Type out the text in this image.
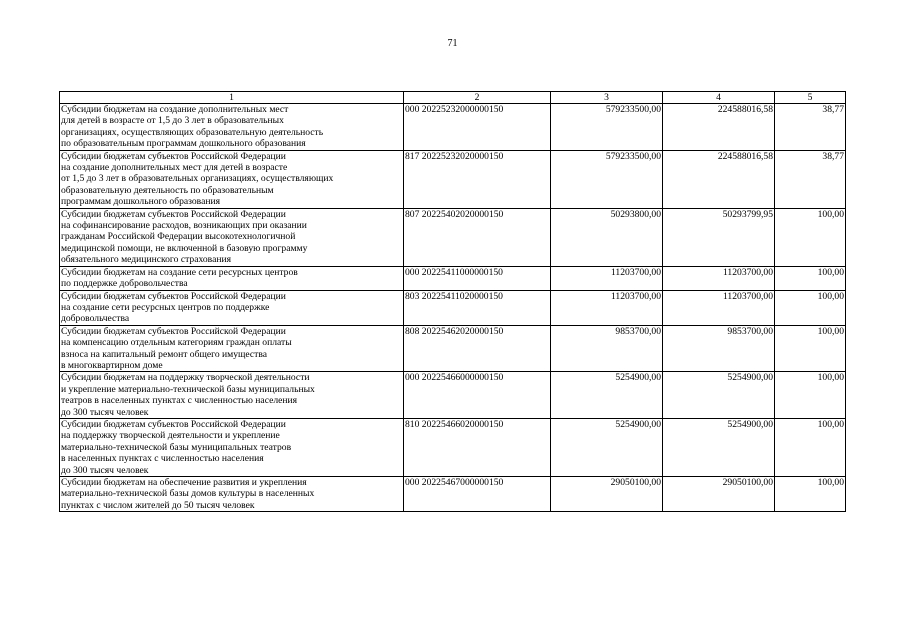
71
1	2	3	4	5

Субсидии бюджетам на создание дополнительных мест
для детей в возрасте от 1,5 до 3 лет в образовательных
организациях, осуществляющих образовательную деятельность
по образовательным программам дошкольного образования	000 20225232000000150	579233500,00	224588016,58	38,77

Субсидии бюджетам субъектов Российской Федерации
на создание дополнительных мест для детей в возрасте
от 1,5 до 3 лет в образовательных организациях, осуществляющих
образовательную деятельность по образовательным
программам дошкольного образования	817 20225232020000150	579233500,00	224588016,58	38,77

Субсидии бюджетам субъектов Российской Федерации
на софинансирование расходов, возникающих при оказании
гражданам Российской Федерации высокотехнологичной
медицинской помощи, не включенной в базовую программу
обязательного медицинского страхования	807 20225402020000150	50293800,00	50293799,95	100,00

Субсидии бюджетам на создание сети ресурсных центров
по поддержке добровольчества	000 20225411000000150	11203700,00	11203700,00	100,00

Субсидии бюджетам субъектов Российской Федерации
на создание сети ресурсных центров по поддержке
добровольчества	803 20225411020000150	11203700,00	11203700,00	100,00

Субсидии бюджетам субъектов Российской Федерации
на компенсацию отдельным категориям граждан оплаты
взноса на капитальный ремонт общего имущества
в многоквартирном доме	808 20225462020000150	9853700,00	9853700,00	100,00

Субсидии бюджетам на поддержку творческой деятельности
и укрепление материально-технической базы муниципальных
театров в населенных пунктах с численностью населения
до 300 тысяч человек	000 20225466000000150	5254900,00	5254900,00	100,00

Субсидии бюджетам субъектов Российской Федерации
на поддержку творческой деятельности и укрепление
материально-технической базы муниципальных театров
в населенных пунктах с численностью населения
до 300 тысяч человек	810 20225466020000150	5254900,00	5254900,00	100,00

Субсидии бюджетам на обеспечение развития и укрепления
материально-технической базы домов культуры в населенных
пунктах с числом жителей до 50 тысяч человек	000 20225467000000150	29050100,00	29050100,00	100,00
